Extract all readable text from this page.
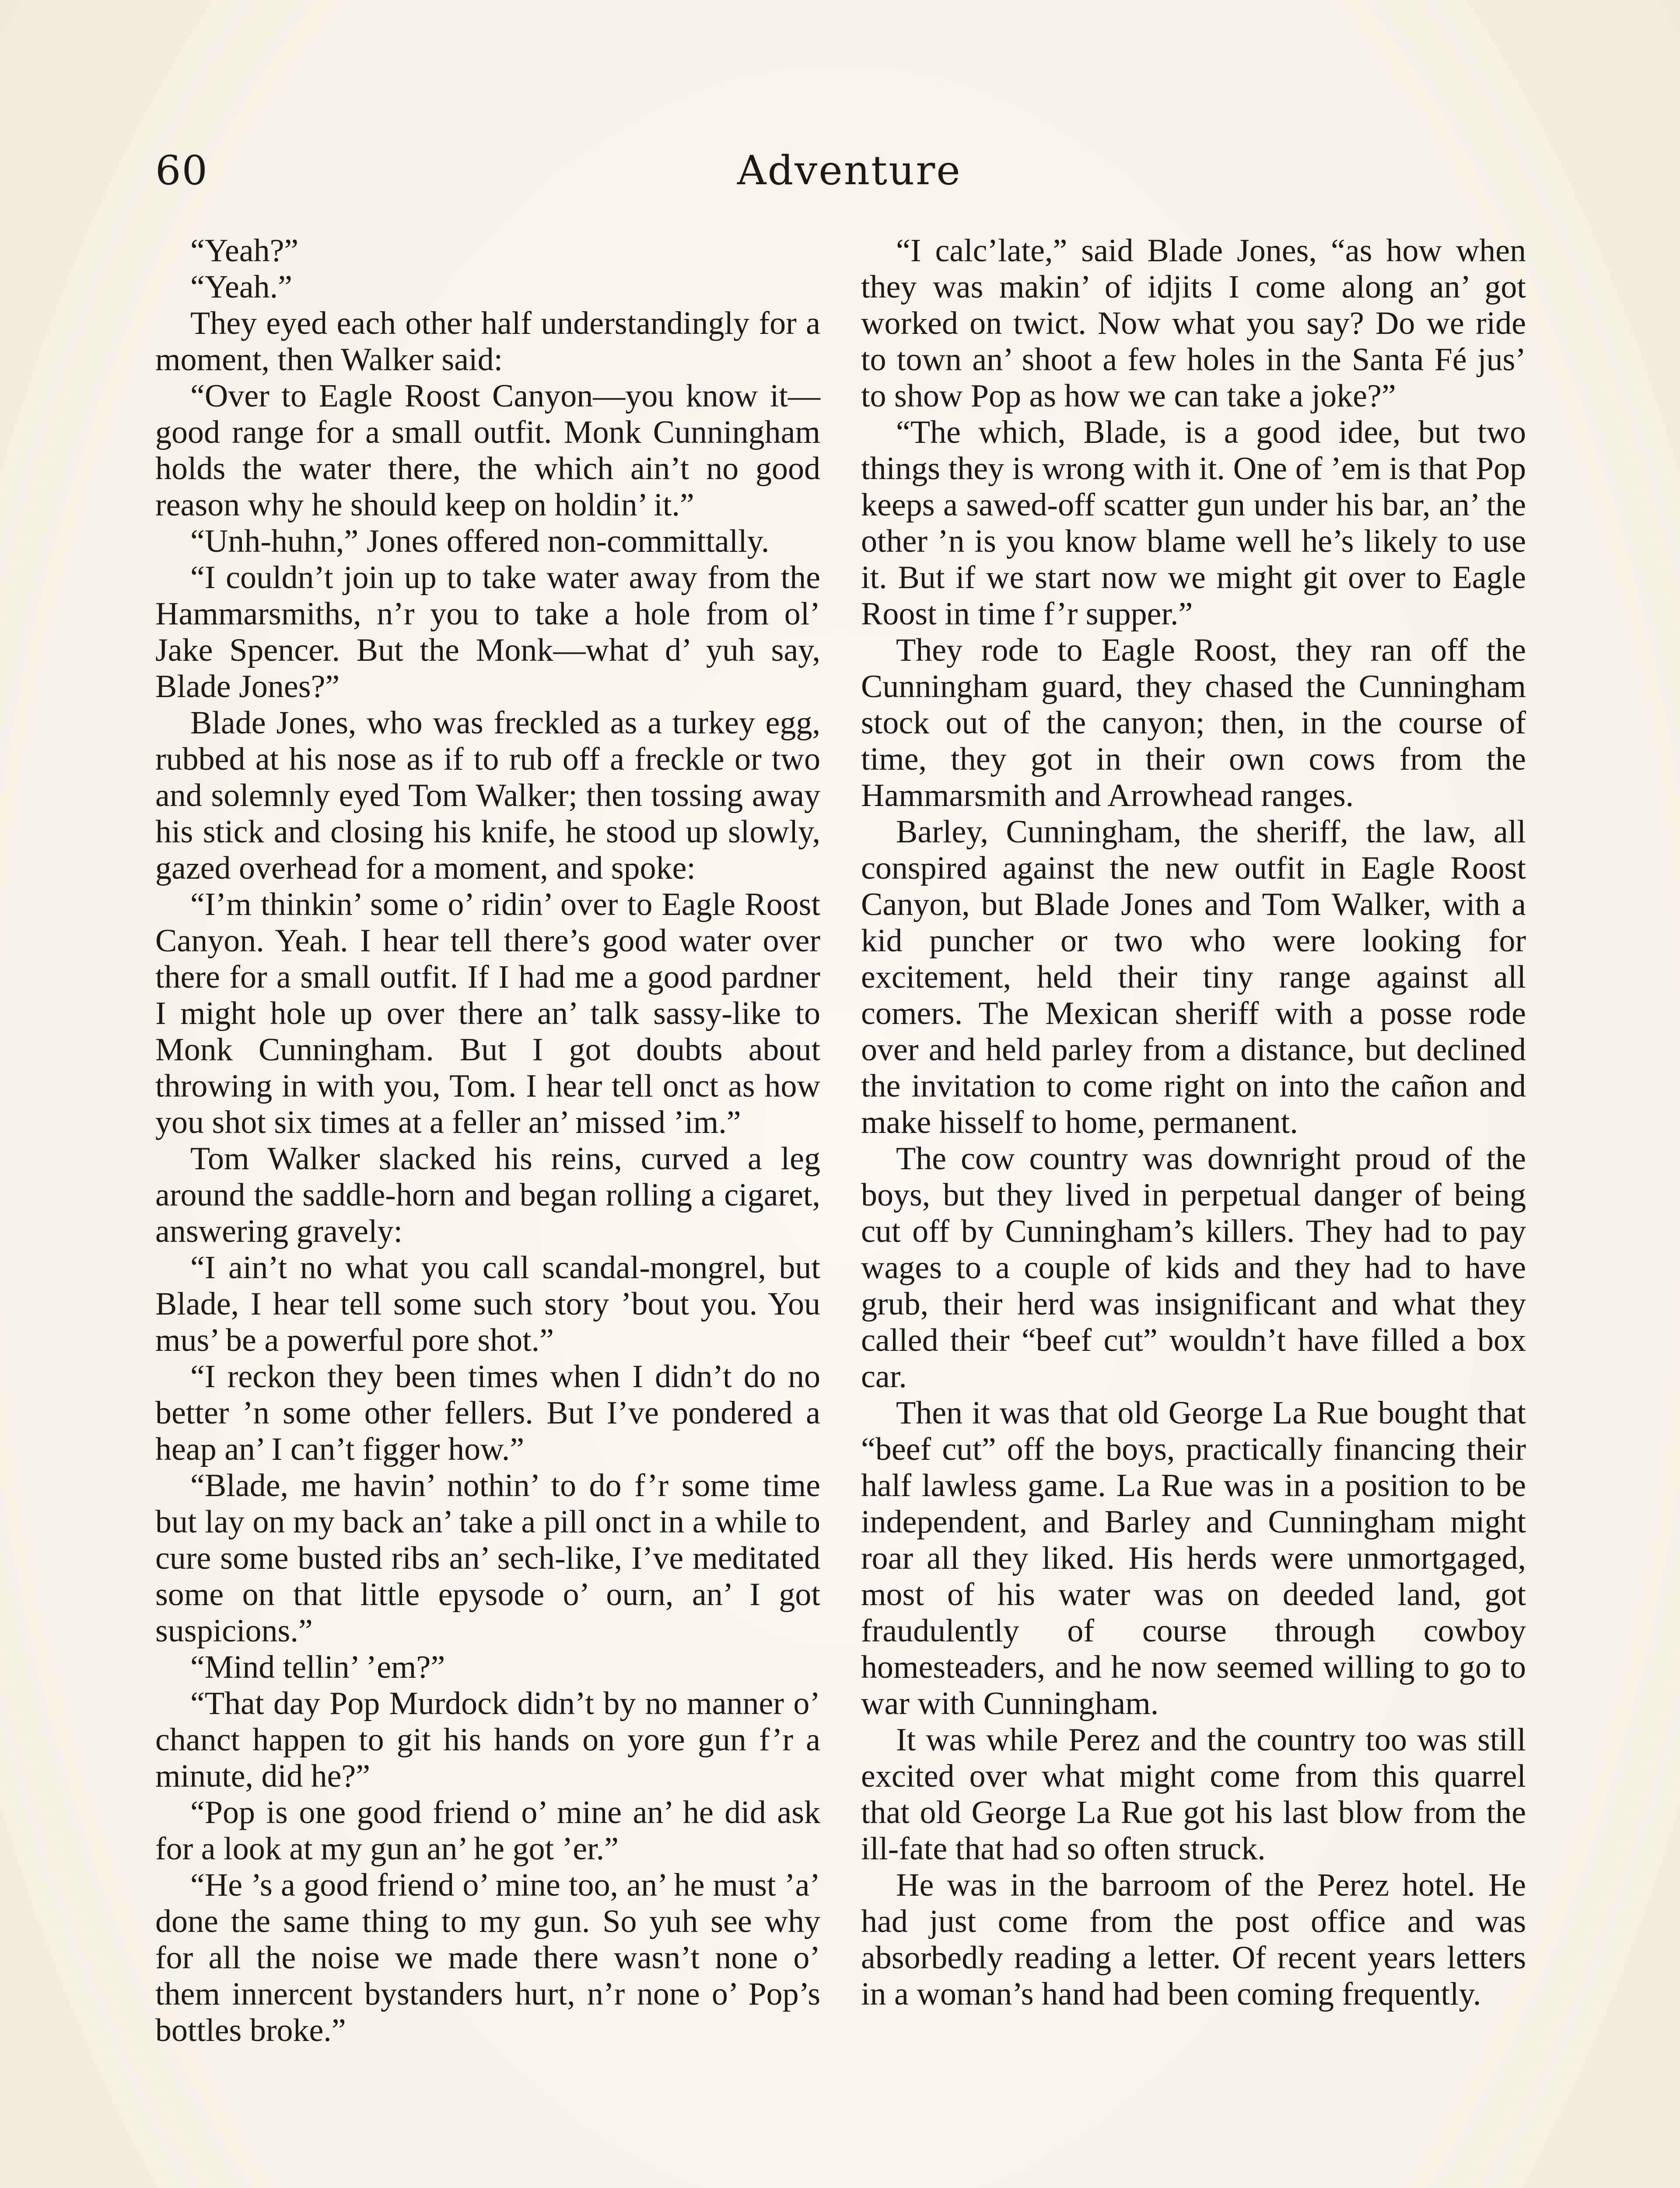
60	Adventure

“Yeah?”

“Yeah.”

They eyed each other half understandingly for a moment, then Walker said:

“Over to Eagle Roost Canyon—you know it—good range for a small outfit. Monk Cunningham holds the water there, the which ain’t no good reason why he should keep on holdin’ it.”

“Unh-huhn,” Jones offered non-committally.

“I couldn’t join up to take water away from the Hammarsmiths, n’r you to take a hole from ol’ Jake Spencer. But the Monk—what d’ yuh say, Blade Jones?”

Blade Jones, who was freckled as a turkey egg, rubbed at his nose as if to rub off a freckle or two and solemnly eyed Tom Walker; then tossing away his stick and closing his knife, he stood up slowly, gazed overhead for a moment, and spoke:

“I’m thinkin’ some o’ ridin’ over to Eagle Roost Canyon. Yeah. I hear tell there’s good water over there for a small outfit. If I had me a good pardner I might hole up over there an’ talk sassy-like to Monk Cunningham. But I got doubts about throwing in with you, Tom. I hear tell onct as how you shot six times at a feller an’ missed ’im.”

Tom Walker slacked his reins, curved a leg around the saddle-horn and began rolling a cigaret, answering gravely:

“I ain’t no what you call scandal-mongrel, but Blade, I hear tell some such story ’bout you. You mus’ be a powerful pore shot.”

“I reckon they been times when I didn’t do no better ’n some other fellers. But I’ve pondered a heap an’ I can’t figger how.”

“Blade, me havin’ nothin’ to do f’r some time but lay on my back an’ take a pill onct in a while to cure some busted ribs an’ sech-like, I’ve meditated some on that little epysode o’ ourn, an’ I got suspicions.”

“Mind tellin’ ’em?”

“That day Pop Murdock didn’t by no manner o’ chanct happen to git his hands on yore gun f’r a minute, did he?”

“Pop is one good friend o’ mine an’ he did ask for a look at my gun an’ he got ’er.”

“He ’s a good friend o’ mine too, an’ he must ’a’ done the same thing to my gun. So yuh see why for all the noise we made there wasn’t none o’ them innercent bystanders hurt, n’r none o’ Pop’s bottles broke.”

“I calc’late,” said Blade Jones, “as how when they was makin’ of idjits I come along an’ got worked on twict. Now what you say? Do we ride to town an’ shoot a few holes in the Santa Fé jus’ to show Pop as how we can take a joke?”

“The which, Blade, is a good idee, but two things they is wrong with it. One of ’em is that Pop keeps a sawed-off scatter gun under his bar, an’ the other ’n is you know blame well he’s likely to use it. But if we start now we might git over to Eagle Roost in time f’r supper.”

They rode to Eagle Roost, they ran off the Cunningham guard, they chased the Cunningham stock out of the canyon; then, in the course of time, they got in their own cows from the Hammarsmith and Arrowhead ranges.

Barley, Cunningham, the sheriff, the law, all conspired against the new outfit in Eagle Roost Canyon, but Blade Jones and Tom Walker, with a kid puncher or two who were looking for excitement, held their tiny range against all comers. The Mexican sheriff with a posse rode over and held parley from a distance, but declined the invitation to come right on into the cañon and make hisself to home, permanent.

The cow country was downright proud of the boys, but they lived in perpetual danger of being cut off by Cunningham’s killers. They had to pay wages to a couple of kids and they had to have grub, their herd was insignificant and what they called their “beef cut” wouldn’t have filled a box car.

Then it was that old George La Rue bought that “beef cut” off the boys, practically financing their half lawless game. La Rue was in a position to be independent, and Barley and Cunningham might roar all they liked. His herds were unmortgaged, most of his water was on deeded land, got fraudulently of course through cowboy homesteaders, and he now seemed willing to go to war with Cunningham.

It was while Perez and the country too was still excited over what might come from this quarrel that old George La Rue got his last blow from the ill-fate that had so often struck.

He was in the barroom of the Perez hotel. He had just come from the post office and was absorbedly reading a letter. Of recent years letters in a woman’s hand had been coming frequently.
